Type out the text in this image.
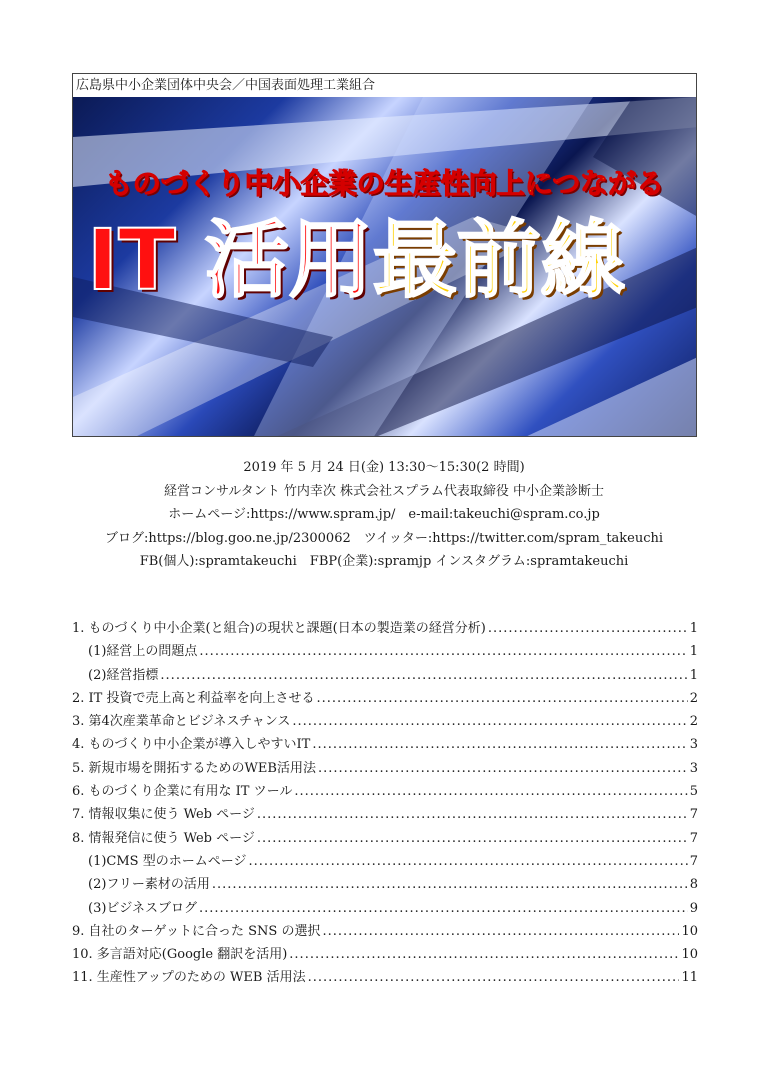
広島県中小企業団体中央会／中国表面処理工業組合
ものづくり中小企業の生産性向上につながる
IT 活用最前線
2019 年 5 月 24 日(金) 13:30～15:30(2 時間)
経営コンサルタント 竹内幸次 株式会社スプラム代表取締役 中小企業診断士
ホームページ:https://www.spram.jp/　e-mail:takeuchi@spram.co.jp
ブログ:https://blog.goo.ne.jp/2300062　ツイッター:https://twitter.com/spram_takeuchi
FB(個人):spramtakeuchi　FBP(企業):spramjp インスタグラム:spramtakeuchi
1. ものづくり中小企業(と組合)の現状と課題(日本の製造業の経営分析) .....	1
(1)経営上の問題点 .....	1
(2)経営指標 .....	1
2. IT 投資で売上高と利益率を向上させる .....	2
3. 第4次産業革命とビジネスチャンス .....	2
4. ものづくり中小企業が導入しやすいIT .....	3
5. 新規市場を開拓するためのWEB活用法 .....	3
6. ものづくり企業に有用な IT ツール .....	5
7. 情報収集に使う Web ページ .....	7
8. 情報発信に使う Web ページ .....	7
(1)CMS 型のホームページ .....	7
(2)フリー素材の活用 .....	8
(3)ビジネスブログ .....	9
9. 自社のターゲットに合った SNS の選択 .....	10
10. 多言語対応(Google 翻訳を活用) .....	10
11. 生産性アップのための WEB 活用法 .....	11
